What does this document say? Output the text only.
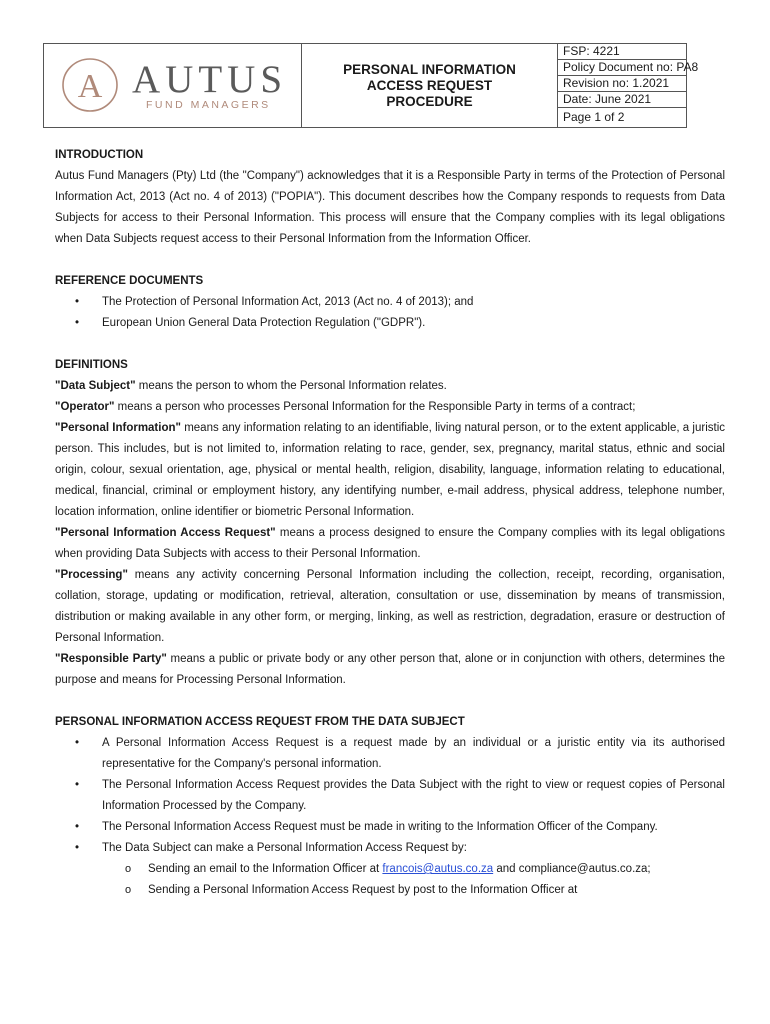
A AUTUS
FUND MANAGERS

PERSONAL INFORMATION
ACCESS REQUEST
PROCEDURE

FSP: 4221
Policy Document no: PA8
Revision no: 1.2021
Date: June 2021
Page 1 of 2
INTRODUCTION

Autus Fund Managers (Pty) Ltd (the "Company") acknowledges that it is a Responsible Party in terms of the Protection of Personal Information Act, 2013 (Act no. 4 of 2013) ("POPIA"). This document describes how the Company responds to requests from Data Subjects for access to their Personal Information. This process will ensure that the Company complies with its legal obligations when Data Subjects request access to their Personal Information from the Information Officer.

REFERENCE DOCUMENTS
• The Protection of Personal Information Act, 2013 (Act no. 4 of 2013); and
• European Union General Data Protection Regulation ("GDPR").
DEFINITIONS

"Data Subject" means the person to whom the Personal Information relates.

"Operator" means a person who processes Personal Information for the Responsible Party in terms of a contract;

"Personal Information" means any information relating to an identifiable, living natural person, or to the extent applicable, a juristic person. This includes, but is not limited to, information relating to race, gender, sex, pregnancy, marital status, ethnic and social origin, colour, sexual orientation, age, physical or mental health, religion, disability, language, information relating to educational, medical, financial, criminal or employment history, any identifying number, e-mail address, physical address, telephone number, location information, online identifier or biometric Personal Information.

"Personal Information Access Request" means a process designed to ensure the Company complies with its legal obligations when providing Data Subjects with access to their Personal Information.

"Processing" means any activity concerning Personal Information including the collection, receipt, recording, organisation, collation, storage, updating or modification, retrieval, alteration, consultation or use, dissemination by means of transmission, distribution or making available in any other form, or merging, linking, as well as restriction, degradation, erasure or destruction of Personal Information.

"Responsible Party" means a public or private body or any other person that, alone or in conjunction with others, determines the purpose and means for Processing Personal Information.

PERSONAL INFORMATION ACCESS REQUEST FROM THE DATA SUBJECT
• A Personal Information Access Request is a request made by an individual or a juristic entity via its authorised representative for the Company's personal information.
• The Personal Information Access Request provides the Data Subject with the right to view or request copies of Personal Information Processed by the Company.
• The Personal Information Access Request must be made in writing to the Information Officer of the Company.
• The Data Subject can make a Personal Information Access Request by:
o Sending an email to the Information Officer at francois@autus.co.za and compliance@autus.co.za;
o Sending a Personal Information Access Request by post to the Information Officer at
